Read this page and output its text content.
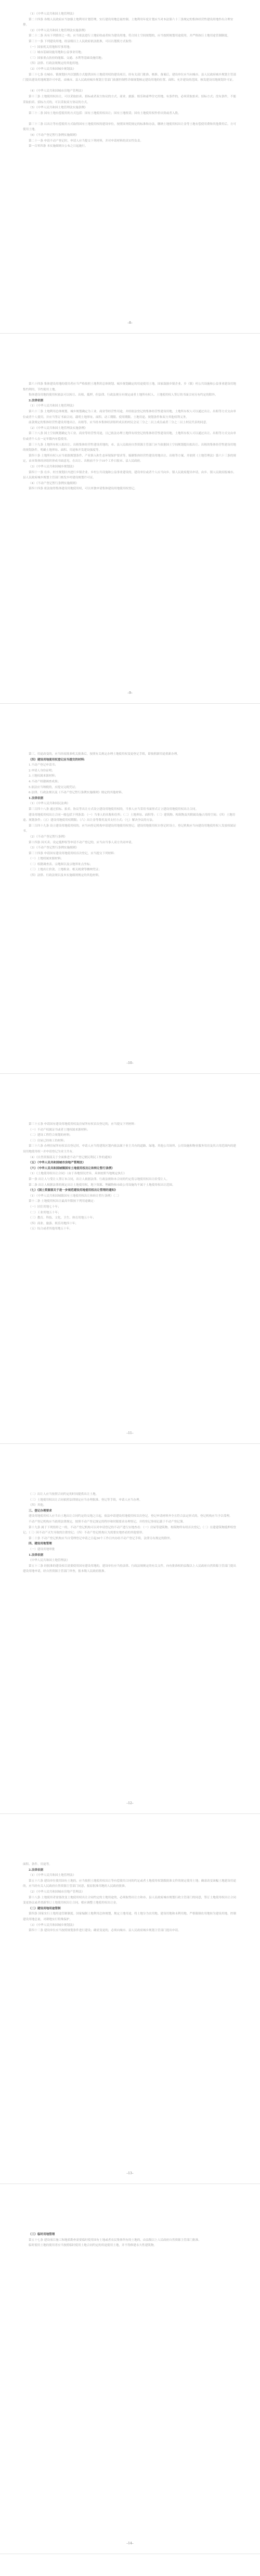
（1）《中华人民共和国土地管理法》

第二十四条 各级人民政府应当加强土地利用计划管理，实行建设用地总量控制。土地利用年度计划应当对本法第六十三条规定的集体经营性建设用地作出合理安排。

（2）《中华人民共和国土地管理法实施条例》

第二十二条 具有下列情形之一的，应当依法进行土地征收或者转为建设用地，符合国土空间规划的，应当按照规划用途使用，并严格执行土地用途管制制度。

第三十一条 下列建设用地，经县级以上人民政府依法批准，可以以划拨方式取得：

（一）国家机关用地和军事用地；

（二）城市基础设施用地和公益事业用地；

（三）国家重点扶持的能源、交通、水利等基础设施用地；

（四）法律、行政法规规定的其他用地。

（3）《中华人民共和国城乡规划法》

第三十七条 在城市、镇规划区内以划拨方式提供国有土地使用权的建设项目，经有关部门批准、核准、备案后，建设单位应当向城市、县人民政府城乡规划主管部门提出建设用地规划许可申请，由城市、县人民政府城乡规划主管部门依据控制性详细规划核定建设用地的位置、面积、允许建设的范围，核发建设用地规划许可证。

（4）《中华人民共和国城市房地产管理法》

第十三条 土地使用权出让，可以采取拍卖、招标或者双方协议的方式。商业、旅游、娱乐和豪华住宅用地，有条件的，必须采取拍卖、招标方式；没有条件，不能采取拍卖、招标方式的，可以采取双方协议的方式。

（5）《中华人民共和国土地管理法实施条例》

第三十二条 国有土地有偿使用的方式包括：国有土地使用权出让；国有土地租赁；国有土地使用权作价出资或者入股。

第三十三条 以出让等有偿使用方式取得国有土地使用权的建设单位，按照国务院规定的标准和办法，缴纳土地使用权出让金等土地有偿使用费和其他费用后，方可使用土地。

（6）《不动产登记暂行条例实施细则》

第二十一条 申请不动产登记时，申请人应当提交下列材料，并对申请材料的真实性负责。

第一百零四条 本实施细则自公布之日起施行。

–8–

第六十四条 集体建设用地的使用者应当严格按照土地利用总体规划、城乡规划确定的用途使用土地。国家鼓励乡镇企业、乡（镇）村公共设施和公益事业建设用地集约利用，节约使用土地。

集体建设用地的使用权依法可以转让、出租、抵押，但法律、行政法规另有规定或者土地所有权人、土地使用权人签订的书面合同另有约定的除外。

2.法律依据

（1）《中华人民共和国土地管理法》

第六十三条 土地利用总体规划、城乡规划确定为工业、商业等经营性用途，并经依法登记的集体经营性建设用地，土地所有权人可以通过出让、出租等方式交由单位或者个人使用，并应当签订书面合同，载明土地界址、面积、动工期限、使用期限、土地用途、规划条件和双方其他权利义务。

前款规定的集体经营性建设用地出让、出租等，应当经本集体经济组织成员的村民会议三分之二以上成员或者三分之二以上村民代表的同意。

（2）《中华人民共和国土地管理法实施条例》

第三十八条 国土空间规划确定为工业、商业等经营性用途，且已依法办理土地所有权登记的集体经营性建设用地，土地所有权人可以通过出让、出租等方式交由单位或者个人在一定年限内有偿使用。

第三十九条 土地所有权人拟出让、出租集体经营性建设用地的，市、县人民政府自然资源主管部门应当依据国土空间规划提出拟出让、出租的集体经营性建设用地的规划条件，明确土地界址、面积、用途和开发建设强度等。

第四十条 土地所有权人应当依据规划条件、产业准入和生态环境保护要求等，编制集体经营性建设用地出让、出租等方案，并依照《土地管理法》第六十三条的规定，由本集体经济组织形成书面意见，在出让、出租前不少于10个工作日报市、县人民政府。

（3）《中华人民共和国城乡规划法》

第四十一条 在乡、村庄规划区内进行乡镇企业、乡村公共设施和公益事业建设的，建设单位或者个人应当向乡、镇人民政府提出申请，由乡、镇人民政府报城市、县人民政府城乡规划主管部门核发乡村建设规划许可证。

（4）《不动产登记暂行条例实施细则》

第四十四条 依法取得集体建设用地使用权，可以单独申请集体建设用地使用权登记。

–9–

第三，用途改变的，应当经原批准机关批准后，按照有关规定办理土地使用权变更登记手续，即按照新用途重新办理。

（四）建设用地使用权登记应当提交的材料：

1.不动产登记申请书；

2.申请人身份证明；

3.土地权属来源材料；

4.不动产权籍调查成果；

5.依法应当纳税的，应提交完税凭证；

6.法律、行政法规以及《不动产登记暂行条例实施细则》规定的其他材料。

1.法律依据

（1）《中华人民共和国民法典》

第三百四十八条 通过招标、拍卖、协议等出让方式设立建设用地使用权的，当事人应当采用书面形式订立建设用地使用权出让合同。

建设用地使用权出让合同一般包括下列条款：（一）当事人的名称和住所；（二）土地界址、面积等；（三）建筑物、构筑物及其附属设施占用的空间；（四）土地用途、规划条件；（五）建设用地使用权期限；（六）出让金等费用及其支付方式；（七）解决争议的方法。

第三百四十九条 设立建设用地使用权的，应当向登记机构申请建设用地使用权登记。建设用地使用权自登记时设立。登记机构应当向建设用地使用权人发放权属证书。

（2）《不动产登记暂行条例》

第十四条 因买卖、设定抵押权等申请不动产登记的，应当由当事人双方共同申请。

（3）《不动产登记暂行条例实施细则》

第三十四条 申请国有建设用地使用权首次登记，应当提交下列材料：

（一）土地权属来源材料；

（二）权籍调查表、宗地图以及宗地界址点坐标；

（三）土地出让价款、土地租金、相关税费等缴纳凭证；

（四）法律、行政法规以及本实施细则规定的其他材料。

–10–

第三十五条 申请国有建设用地使用权及房屋所有权首次登记的，应当提交下列材料：

（一）不动产权属证书或者土地权属来源材料；

（二）建设工程符合规划的材料；

（三）房屋已经竣工的材料；

第三十六条 办理房屋所有权首次登记时，申请人应当将建筑区划内依法属于业主共有的道路、绿地、其他公共场所、公用设施和物业服务用房及其占用范围内的建设用地使用权一并申请登记为业主共有。

（4）《自然资源部关于全面推进不动产登记便民利民工作的通知》

（五）（中华人民共和国城市房地产管理法）

（六）（中华人民共和国城镇国有土地使用权出让和转让暂行条例）

（1）《土地使用权出让合同》（由于各地情况差异，具体按照当地规定执行）

第一条 出让人与受让人签订本合同，出让人依据法律、行政法规和本合同的约定将宗地使用权出让给受让人。

第二条 出让人根据法律的规定出让土地使用权，地下资源、埋藏物和市政公用设施均不属于土地使用权出让范围。

（七）《国土资源部关于进一步规范建设用地使用权出让管理的通知》

（1）（中华人民共和国城镇国有土地使用权出让和转让暂行条例）（二）

第十二条 土地使用权出让最高年限按下列用途确定：

（一）居住用地七十年；

（二）工业用地五十年；

（三）教育、科技、文化、卫生、体育用地五十年；

（四）商业、旅游、娱乐用地四十年；

（五）综合或者其他用地五十年。

–11–

（二）出让人应当按照合同约定的时间提供出让土地。

（三）土地使用权出让合同依照法律规定应当办理批准、登记等手续，申请人应当办理。

（四）其他。

三、登记办理要求

建设用地使用权人应当自土地出让合同约定的交地之日起，依法申请建设用地使用权首次登记。登记申请材料齐全且符合法定形式的，登记机构应当予以受理。

不动产登记机构应当依照法律规定，按照不动产登记规定的程序和时限要求办理登记，并将登记事项记载于不动产登记簿。

第十九条 属于下列情形之一的，不动产登记机构可以对申请登记的不动产进行实地查看：（一）房屋等建筑物、构筑物所有权首次登记；（二）在建建筑物抵押权登记；（三）因不动产灭失导致的注销登记；（四）不动产登记机构认为需要实地查看的其他情形。

第二十条 不动产登记机构应当自受理登记申请之日起30个工作日内办结不动产登记手续，法律另有规定的除外。

四、建设用地管理

（一）建设用地审批

1.法律依据

《中华人民共和国土地管理法》

第五十三条 经批准的建设项目需要使用国有建设用地的，建设单位应当持法律、行政法规规定的有关文件，向有批准权的县级以上人民政府自然资源主管部门提出建设用地申请，经自然资源主管部门审查，报本级人民政府批准。

–12–

面积、条件、用途等。

2.法律依据

（1）《中华人民共和国土地管理法》

第五十六条 建设单位使用国有土地的，应当按照土地使用权出让等有偿使用合同的约定或者土地使用权划拨批准文件的规定使用土地；确需改变该幅土地建设用途的，应当经有关人民政府自然资源主管部门同意，报原批准用地的人民政府批准。

（2）《中华人民共和国城市房地产管理法》

第十八条 土地使用者需要改变土地使用权出让合同约定的土地用途的，必须取得出让方和市、县人民政府城市规划行政主管部门的同意，签订土地使用权出让合同变更协议或者重新签订土地使用权出让合同，相应调整土地使用权出让金。

（二）建设用地用途管制

第四条 国家实行土地用途管制制度。国家编制土地利用总体规划，规定土地用途，将土地分为农用地、建设用地和未利用地。严格限制农用地转为建设用地，控制建设用地总量，对耕地实行特殊保护。

（3）《中华人民共和国城乡规划法》

第四十三条 建设单位应当按照规划条件进行建设；确需变更的，必须向城市、县人民政府城乡规划主管部门提出申请。

–13–

（三）临时用地管理

第五十七条 建设项目施工和地质勘查需要临时使用国有土地或者农民集体所有的土地的，由县级以上人民政府自然资源主管部门批准。

临时使用土地的使用者应当按照临时使用土地合同约定的用途使用土地，并不得修建永久性建筑物。

–14–
